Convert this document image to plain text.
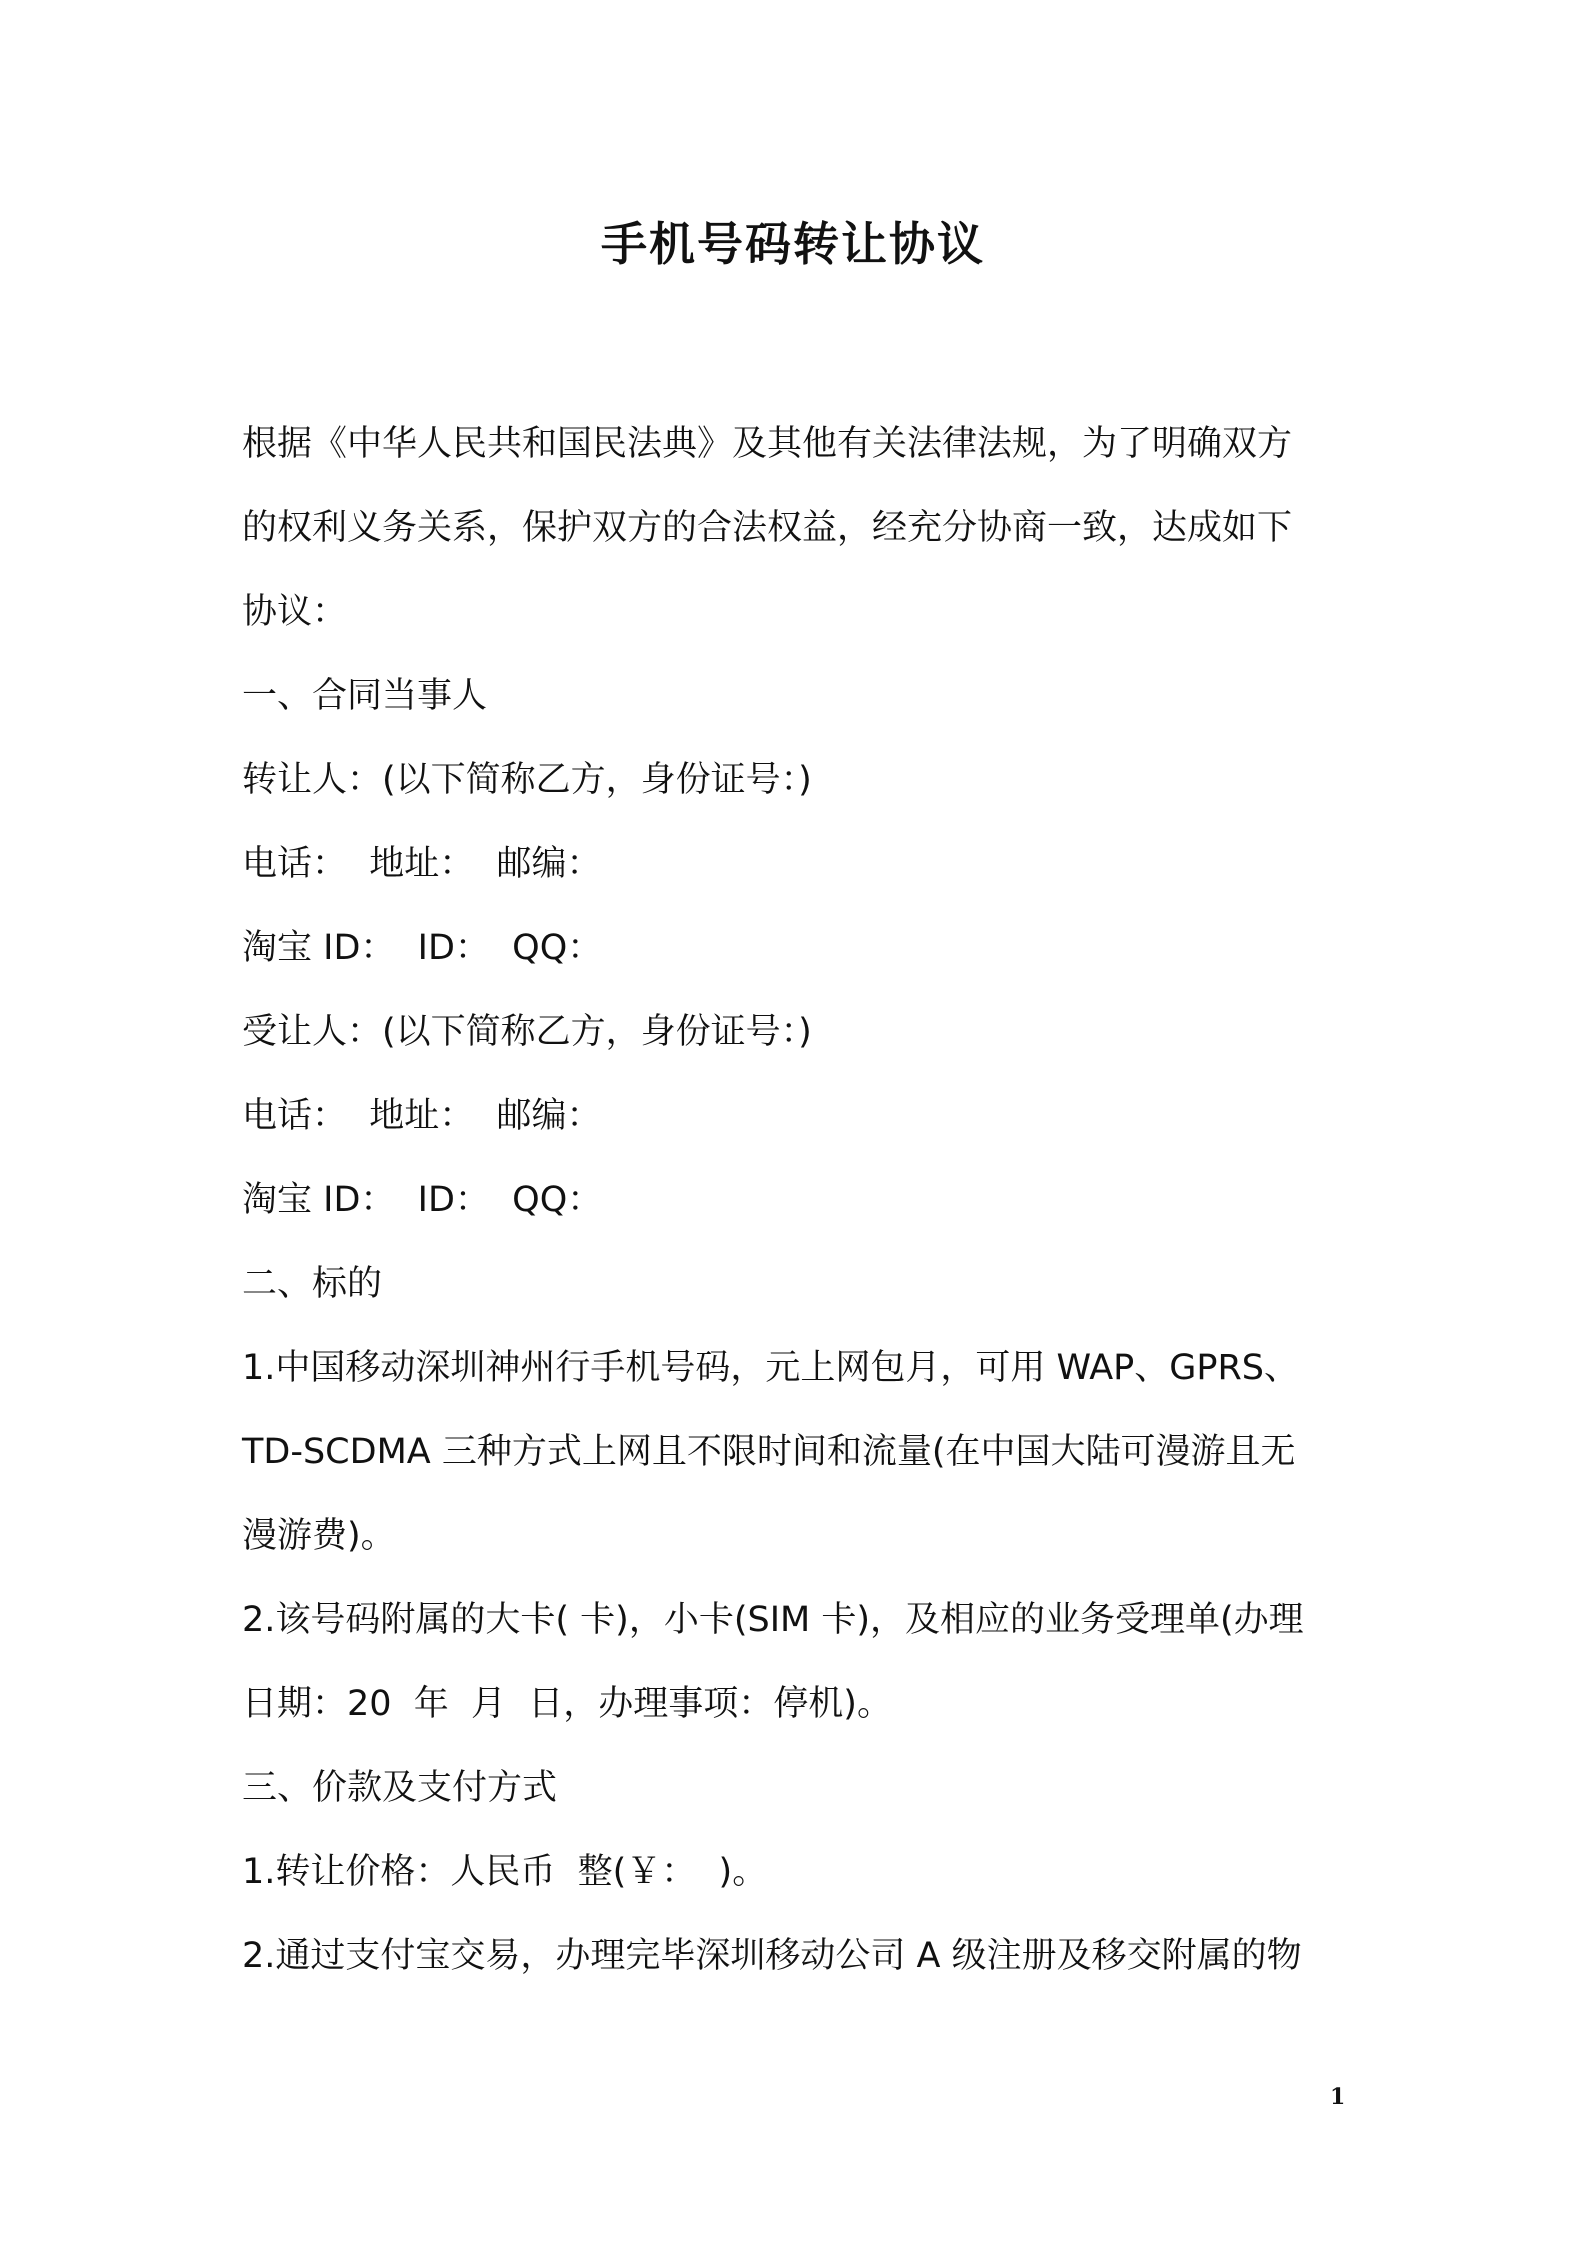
手机号码转让协议
根据《中华人民共和国民法典》及其他有关法律法规，为了明确双方
的权利义务关系，保护双方的合法权益，经充分协商一致，达成如下
协议：
一、合同当事人
转让人：(以下简称乙方，身份证号：)
电话：  地址：  邮编：
淘宝 ID：  ID：  QQ：
受让人：(以下简称乙方，身份证号：)
电话：  地址：  邮编：
淘宝 ID：  ID：  QQ：
二、标的
1.中国移动深圳神州行手机号码，元上网包月，可用 WAP、GPRS、
TD-SCDMA 三种方式上网且不限时间和流量(在中国大陆可漫游且无
漫游费)。
2.该号码附属的大卡( 卡)，小卡(SIM 卡)，及相应的业务受理单(办理
日期：20  年  月  日，办理事项：停机)。
三、价款及支付方式
1.转让价格：人民币  整(￥：  )。
2.通过支付宝交易，办理完毕深圳移动公司 A 级注册及移交附属的物
1
